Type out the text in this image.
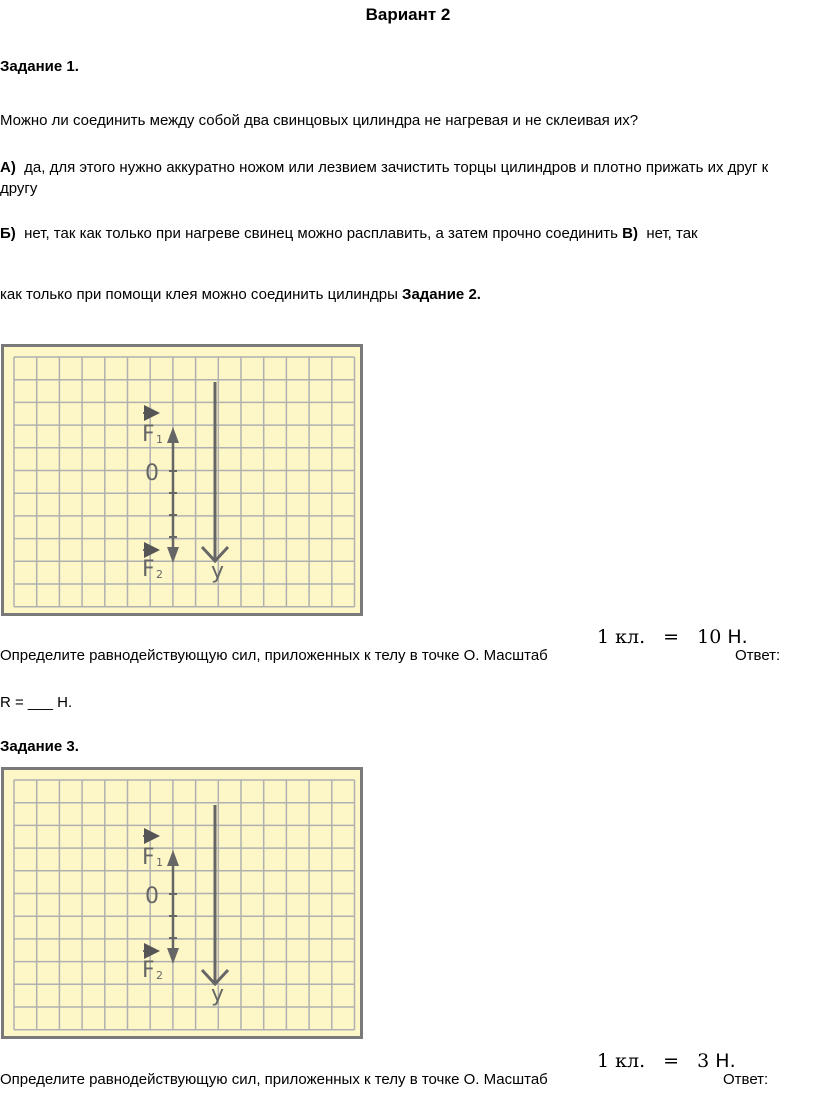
Вариант 2
Задание 1.
Можно ли соединить между собой два свинцовых цилиндра не нагревая и не склеивая их?
А) да, для этого нужно аккуратно ножом или лезвием зачистить торцы цилиндров и плотно прижать их друг к другу
Б) нет, так как только при нагреве свинец можно расплавить, а затем прочно соединить В) нет, так
как только при помощи клея можно соединить цилиндры Задание 2.
F 1
0
F 2 y
Определите равнодействующую сил, приложенных к телу в точке О. Масштаб
1 кл. = 10 Н.
Ответ:
R = ___ Н.
Задание 3.
F 1
0
F 2
y
Определите равнодействующую сил, приложенных к телу в точке О. Масштаб
1 кл. = 3 Н.
Ответ:
